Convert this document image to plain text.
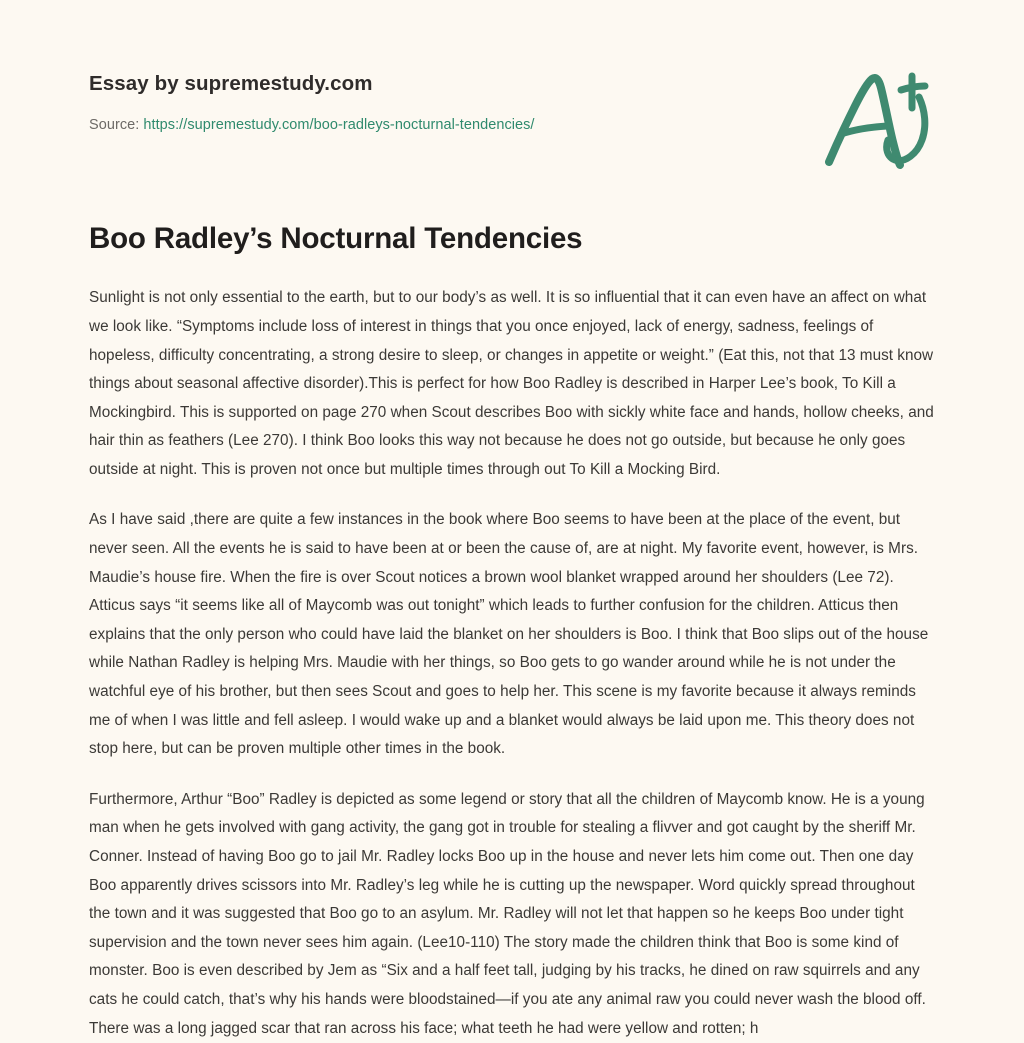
Essay by supremestudy.com
Source: https://supremestudy.com/boo-radleys-nocturnal-tendencies/
Boo Radley’s Nocturnal Tendencies

Sunlight is not only essential to the earth, but to our body’s as well. It is so influential that it can even have an affect on what we look like. “Symptoms include loss of interest in things that you once enjoyed, lack of energy, sadness, feelings of hopeless, difficulty concentrating, a strong desire to sleep, or changes in appetite or weight.” (Eat this, not that 13 must know things about seasonal affective disorder).This is perfect for how Boo Radley is described in Harper Lee’s book, To Kill a Mockingbird. This is supported on page 270 when Scout describes Boo with sickly white face and hands, hollow cheeks, and hair thin as feathers (Lee 270). I think Boo looks this way not because he does not go outside, but because he only goes outside at night. This is proven not once but multiple times through out To Kill a Mocking Bird.

As I have said ,there are quite a few instances in the book where Boo seems to have been at the place of the event, but never seen. All the events he is said to have been at or been the cause of, are at night. My favorite event, however, is Mrs. Maudie’s house fire. When the fire is over Scout notices a brown wool blanket wrapped around her shoulders (Lee 72). Atticus says “it seems like all of Maycomb was out tonight” which leads to further confusion for the children. Atticus then explains that the only person who could have laid the blanket on her shoulders is Boo. I think that Boo slips out of the house while Nathan Radley is helping Mrs. Maudie with her things, so Boo gets to go wander around while he is not under the watchful eye of his brother, but then sees Scout and goes to help her. This scene is my favorite because it always reminds me of when I was little and fell asleep. I would wake up and a blanket would always be laid upon me. This theory does not stop here, but can be proven multiple other times in the book.

Furthermore, Arthur “Boo” Radley is depicted as some legend or story that all the children of Maycomb know. He is a young man when he gets involved with gang activity, the gang got in trouble for stealing a flivver and got caught by the sheriff Mr. Conner. Instead of having Boo go to jail Mr. Radley locks Boo up in the house and never lets him come out. Then one day Boo apparently drives scissors into Mr. Radley’s leg while he is cutting up the newspaper. Word quickly spread throughout the town and it was suggested that Boo go to an asylum. Mr. Radley will not let that happen so he keeps Boo under tight supervision and the town never sees him again. (Lee10-110) The story made the children think that Boo is some kind of monster. Boo is even described by Jem as “Six and a half feet tall, judging by his tracks, he dined on raw squirrels and any cats he could catch, that’s why his hands were bloodstained—if you ate any animal raw you could never wash the blood off. There was a long jagged scar that ran across his face; what teeth he had were yellow and rotten; h
